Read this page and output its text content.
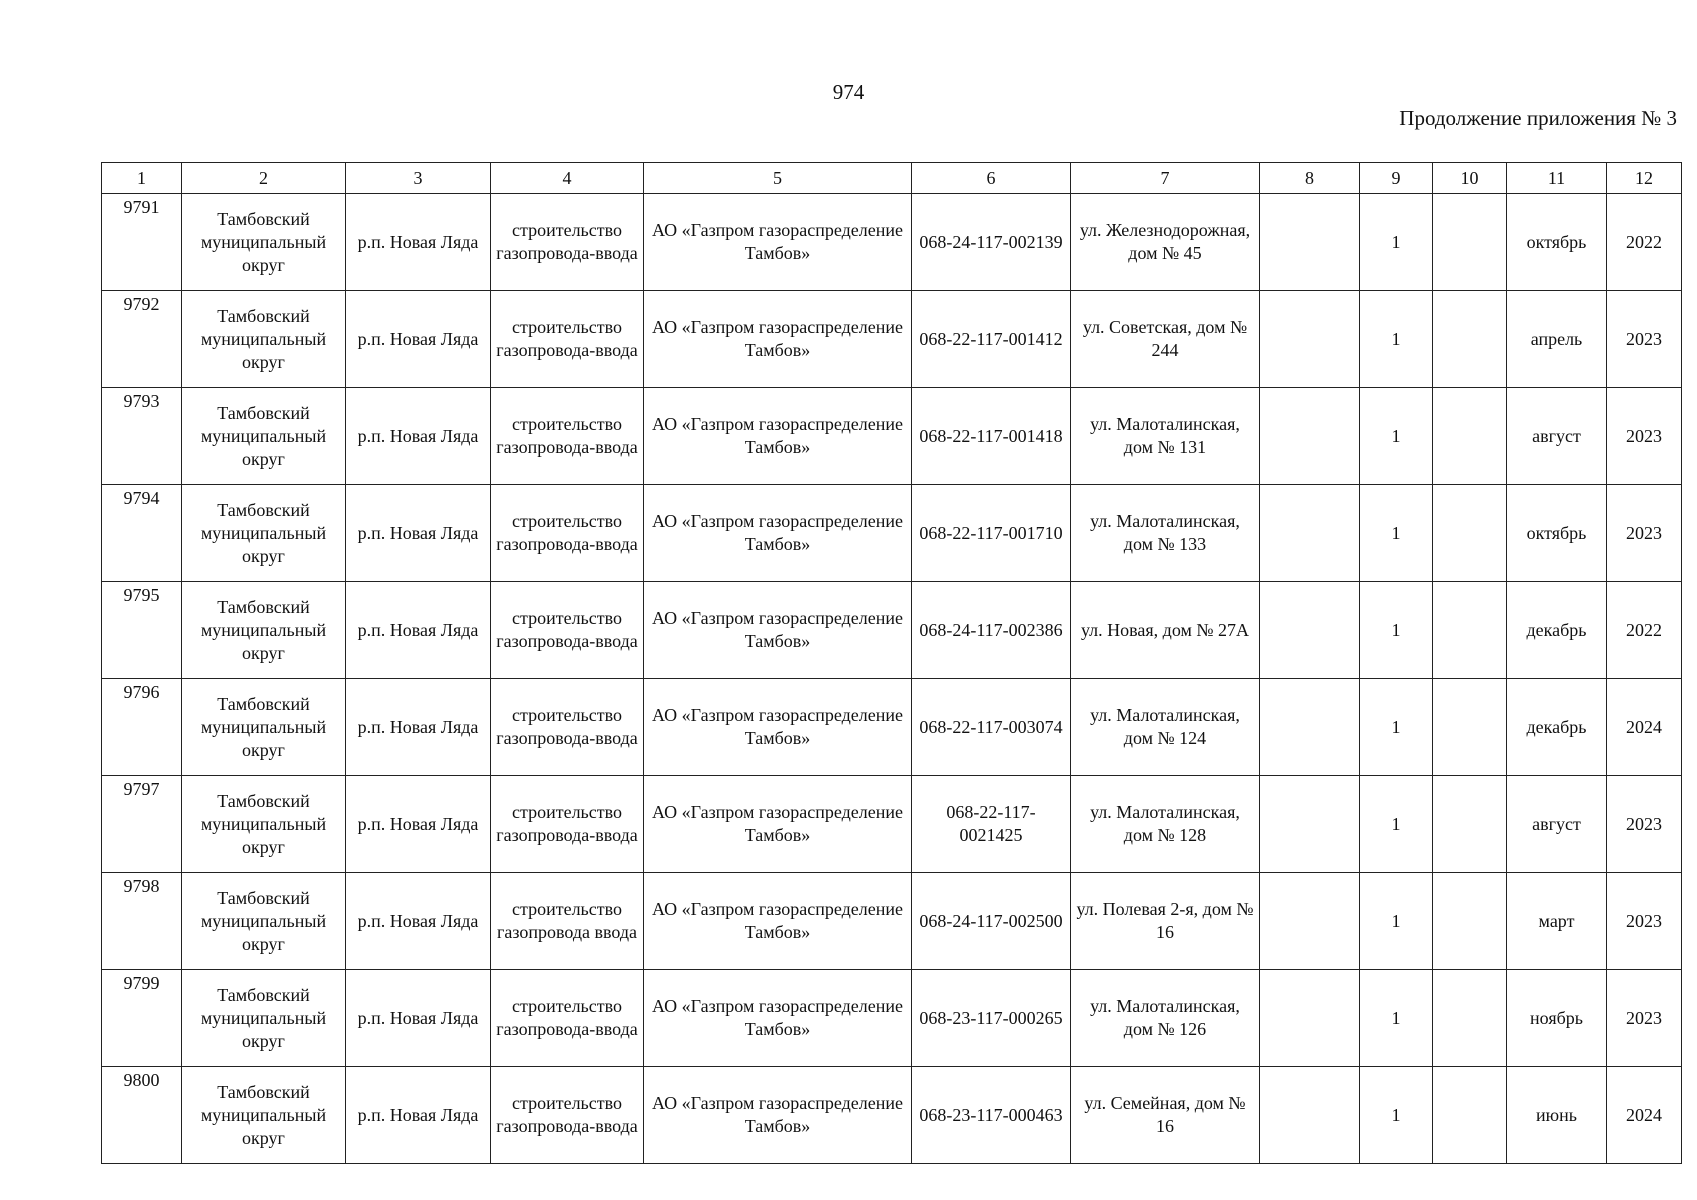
974
Продолжение приложения № 3
1	2	3	4	5	6	7	8	9	10	11	12
9791	Тамбовский муниципальный округ	р.п. Новая Ляда	строительство газопровода-ввода	АО «Газпром газораспределение Тамбов»	068-24-117-002139	ул. Железнодорожная, дом № 45		1		октябрь	2022
9792	Тамбовский муниципальный округ	р.п. Новая Ляда	строительство газопровода-ввода	АО «Газпром газораспределение Тамбов»	068-22-117-001412	ул. Советская, дом № 244		1		апрель	2023
9793	Тамбовский муниципальный округ	р.п. Новая Ляда	строительство газопровода-ввода	АО «Газпром газораспределение Тамбов»	068-22-117-001418	ул. Малоталинская, дом № 131		1		август	2023
9794	Тамбовский муниципальный округ	р.п. Новая Ляда	строительство газопровода-ввода	АО «Газпром газораспределение Тамбов»	068-22-117-001710	ул. Малоталинская, дом № 133		1		октябрь	2023
9795	Тамбовский муниципальный округ	р.п. Новая Ляда	строительство газопровода-ввода	АО «Газпром газораспределение Тамбов»	068-24-117-002386	ул. Новая, дом № 27А		1		декабрь	2022
9796	Тамбовский муниципальный округ	р.п. Новая Ляда	строительство газопровода-ввода	АО «Газпром газораспределение Тамбов»	068-22-117-003074	ул. Малоталинская, дом № 124		1		декабрь	2024
9797	Тамбовский муниципальный округ	р.п. Новая Ляда	строительство газопровода-ввода	АО «Газпром газораспределение Тамбов»	068-22-117-0021425	ул. Малоталинская, дом № 128		1		август	2023
9798	Тамбовский муниципальный округ	р.п. Новая Ляда	строительство газопровода ввода	АО «Газпром газораспределение Тамбов»	068-24-117-002500	ул. Полевая 2-я, дом № 16		1		март	2023
9799	Тамбовский муниципальный округ	р.п. Новая Ляда	строительство газопровода-ввода	АО «Газпром газораспределение Тамбов»	068-23-117-000265	ул. Малоталинская, дом № 126		1		ноябрь	2023
9800	Тамбовский муниципальный округ	р.п. Новая Ляда	строительство газопровода-ввода	АО «Газпром газораспределение Тамбов»	068-23-117-000463	ул. Семейная, дом № 16		1		июнь	2024
